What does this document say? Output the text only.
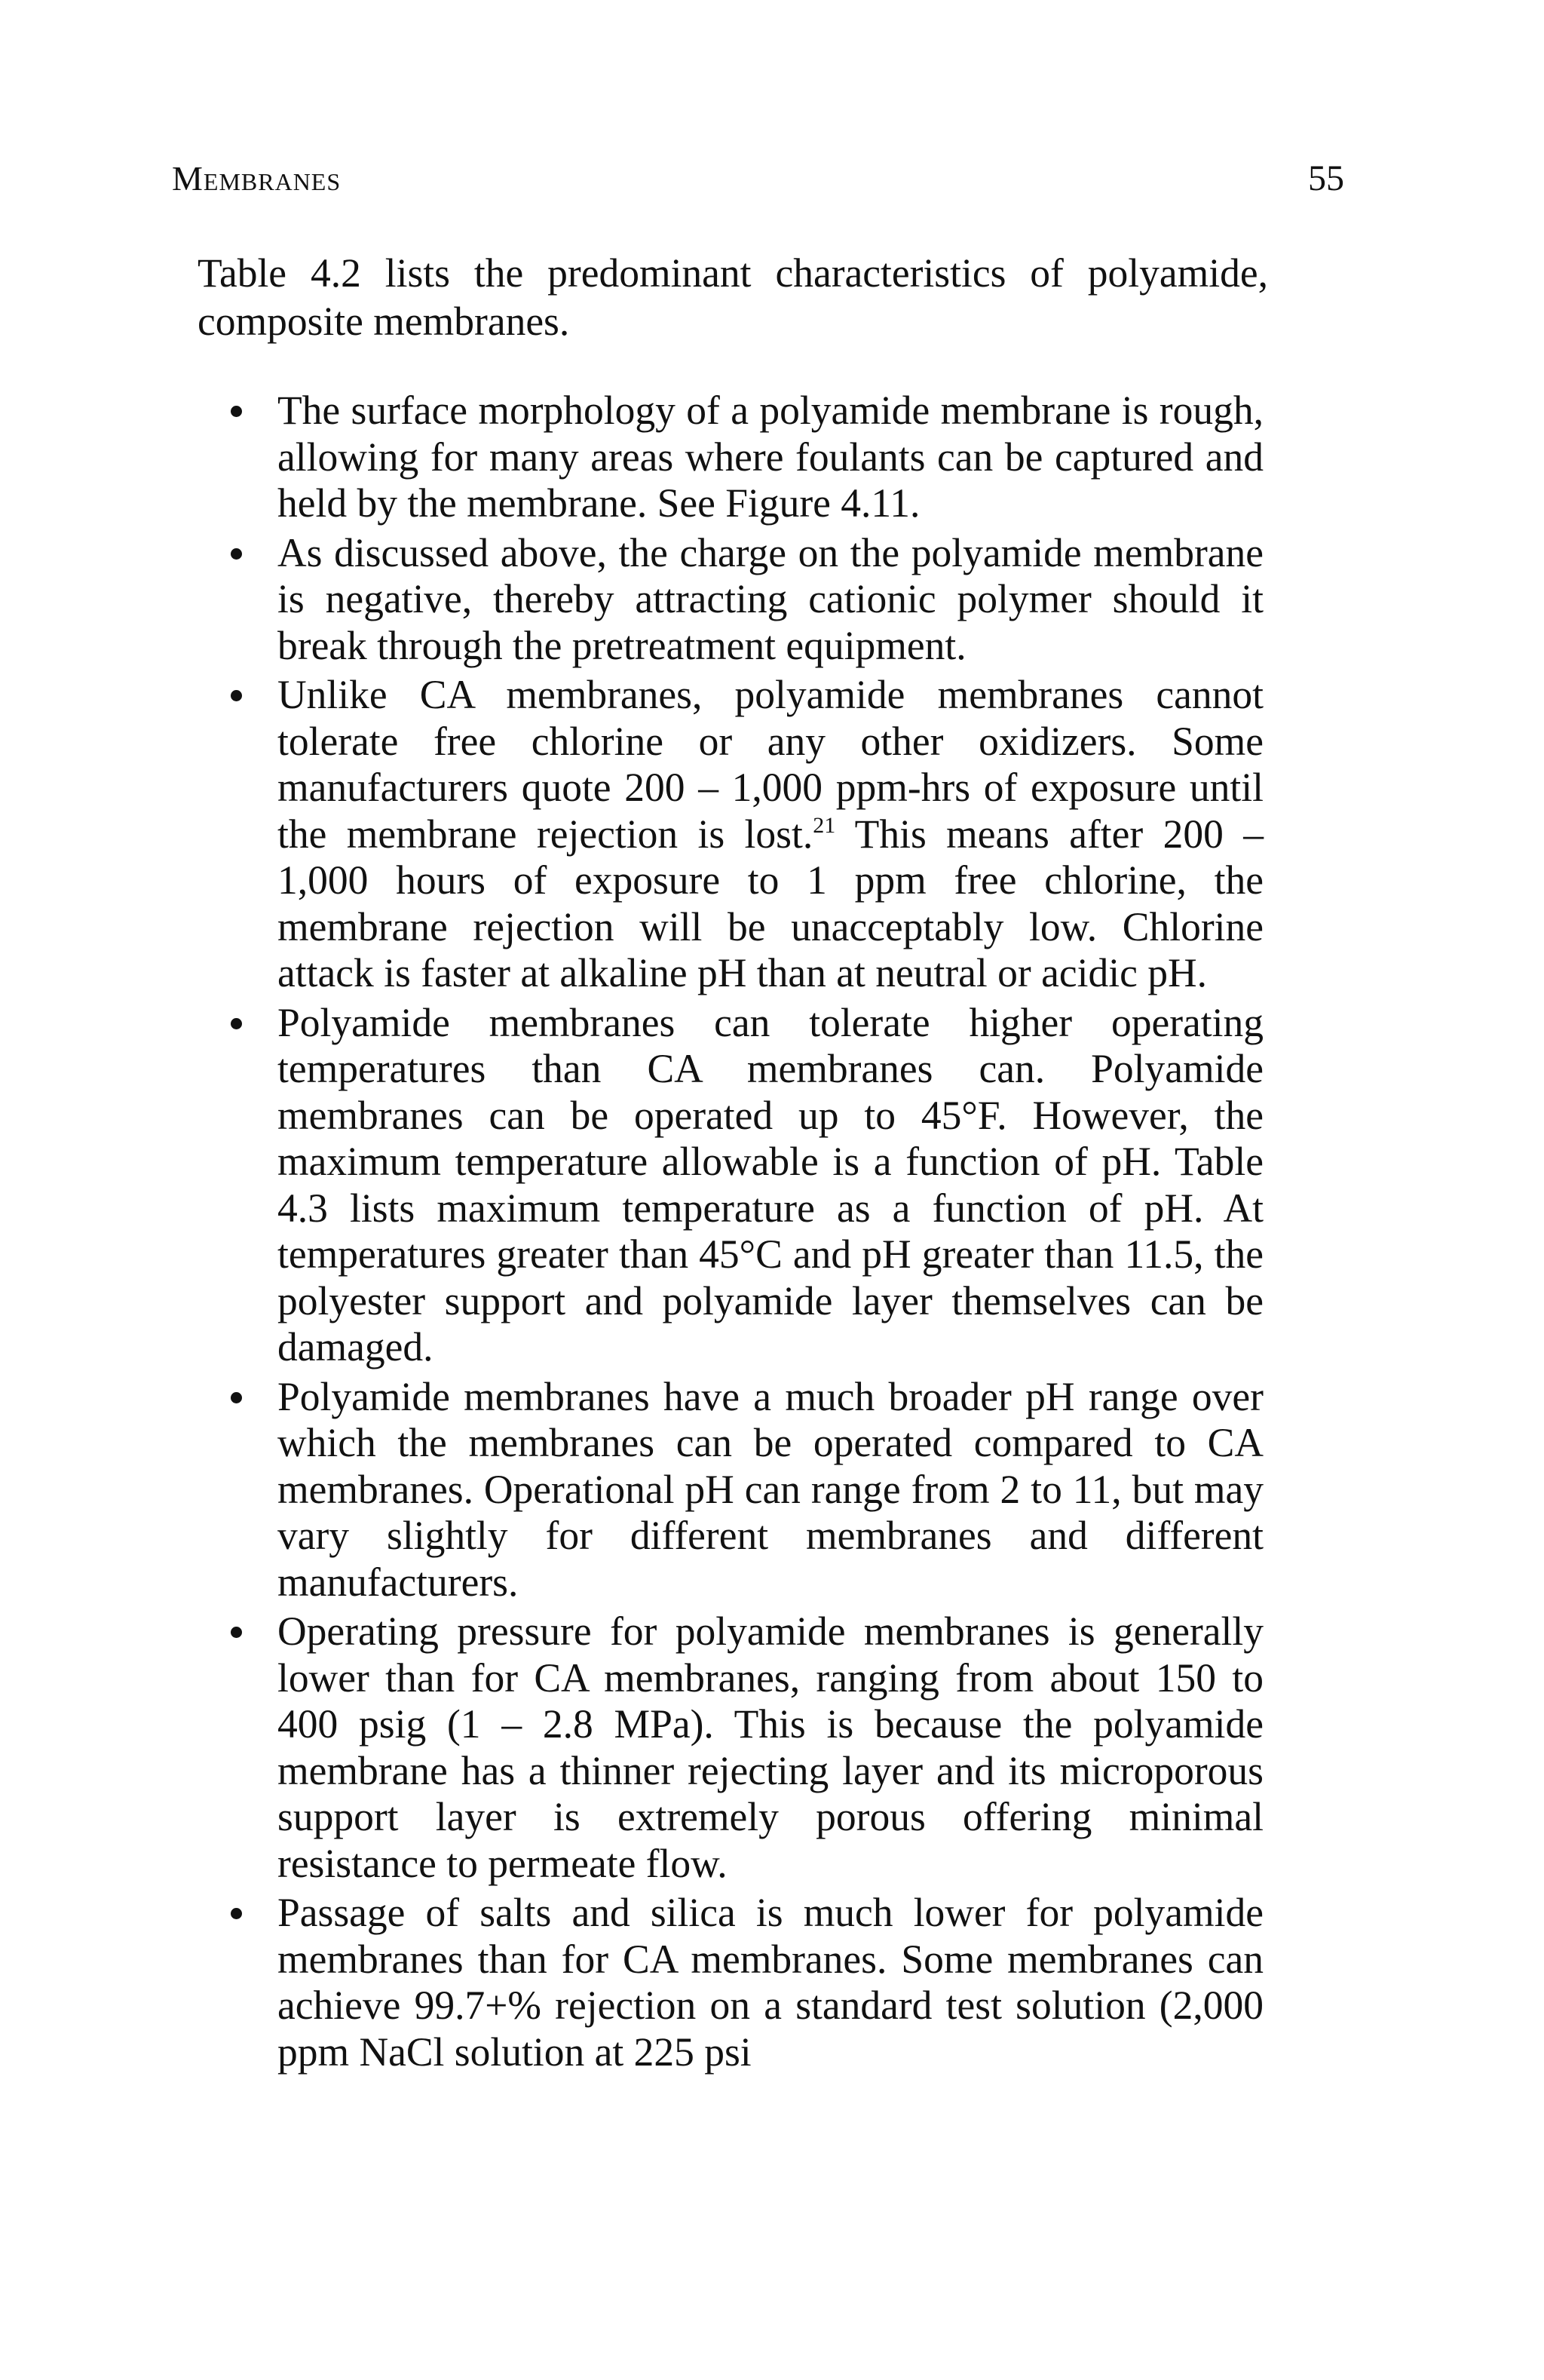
Membranes	55

Table 4.2 lists the predominant characteristics of polyamide, composite membranes.

The surface morphology of a polyamide membrane is rough, allowing for many areas where foulants can be captured and held by the membrane. See Figure 4.11.
As discussed above, the charge on the polyamide membrane is negative, thereby attracting cationic polymer should it break through the pretreatment equipment.
Unlike CA membranes, polyamide membranes cannot tolerate free chlorine or any other oxidizers. Some manufacturers quote 200 – 1,000 ppm-hrs of exposure until the membrane rejection is lost.$^{21}$ This means after 200 – 1,000 hours of exposure to 1 ppm free chlorine, the membrane rejection will be unacceptably low. Chlorine attack is faster at alkaline pH than at neutral or acidic pH.
Polyamide membranes can tolerate higher operating temperatures than CA membranes can. Polyamide membranes can be operated up to 45°F. However, the maximum temperature allowable is a function of pH. Table 4.3 lists maximum temperature as a function of pH. At temperatures greater than 45°C and pH greater than 11.5, the polyester support and polyamide layer themselves can be damaged.
Polyamide membranes have a much broader pH range over which the membranes can be operated compared to CA membranes. Operational pH can range from 2 to 11, but may vary slightly for different membranes and different manufacturers.
Operating pressure for polyamide membranes is generally lower than for CA membranes, ranging from about 150 to 400 psig (1 – 2.8 MPa). This is because the polyamide membrane has a thinner rejecting layer and its microporous support layer is extremely porous offering minimal resistance to permeate flow.
Passage of salts and silica is much lower for polyamide membranes than for CA membranes. Some membranes can achieve 99.7+% rejection on a standard test solution (2,000 ppm NaCl solution at 225 psi
